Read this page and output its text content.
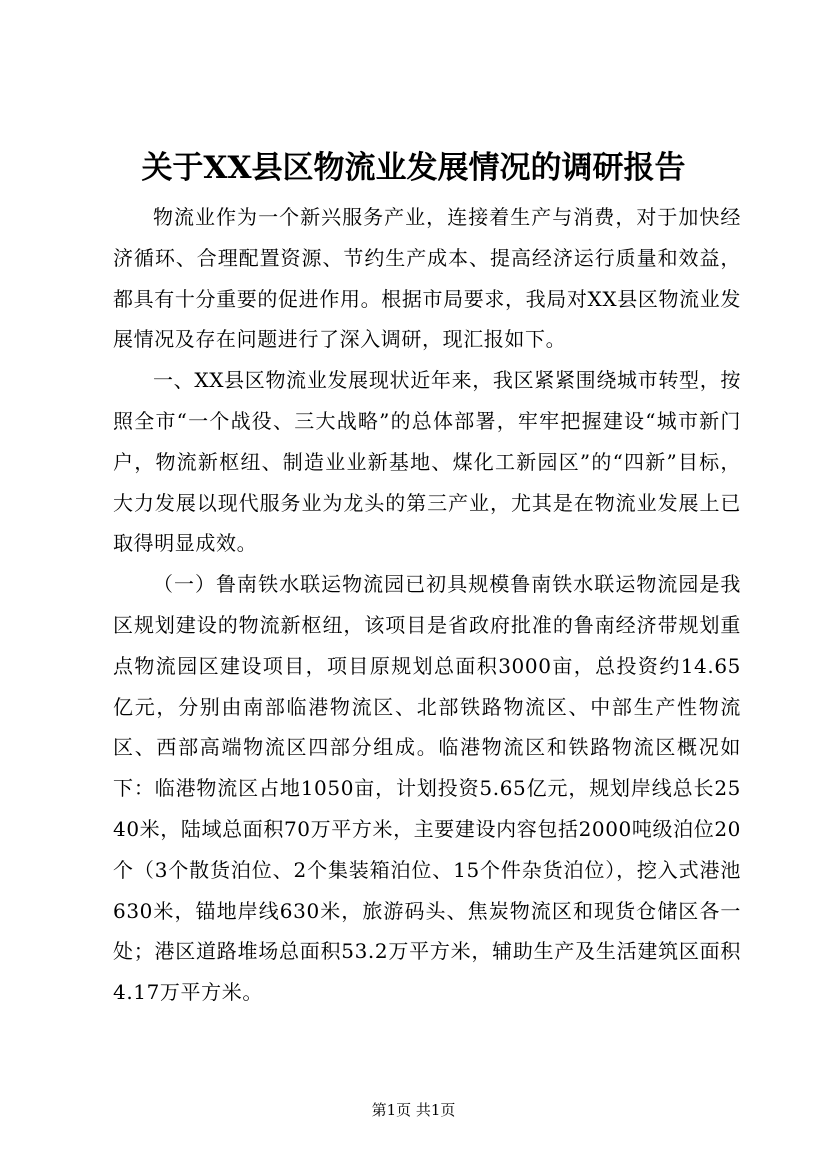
关于XX县区物流业发展情况的调研报告

物流业作为一个新兴服务产业，连接着生产与消费，对于加快经济循环、合理配置资源、节约生产成本、提高经济运行质量和效益，都具有十分重要的促进作用。根据市局要求，我局对XX县区物流业发展情况及存在问题进行了深入调研，现汇报如下。

一、XX县区物流业发展现状近年来，我区紧紧围绕城市转型，按照全市“一个战役、三大战略”的总体部署，牢牢把握建设“城市新门户，物流新枢纽、制造业业新基地、煤化工新园区”的“四新”目标，大力发展以现代服务业为龙头的第三产业，尤其是在物流业发展上已取得明显成效。

（一）鲁南铁水联运物流园已初具规模鲁南铁水联运物流园是我区规划建设的物流新枢纽，该项目是省政府批准的鲁南经济带规划重点物流园区建设项目，项目原规划总面积3000亩，总投资约14.65亿元，分别由南部临港物流区、北部铁路物流区、中部生产性物流区、西部高端物流区四部分组成。临港物流区和铁路物流区概况如下：临港物流区占地1050亩，计划投资5.65亿元，规划岸线总长2540米，陆域总面积70万平方米，主要建设内容包括2000吨级泊位20个（3个散货泊位、2个集装箱泊位、15个件杂货泊位），挖入式港池630米，锚地岸线630米，旅游码头、焦炭物流区和现货仓储区各一处；港区道路堆场总面积53.2万平方米，辅助生产及生活建筑区面积4.17万平方米。

第1页 共1页
